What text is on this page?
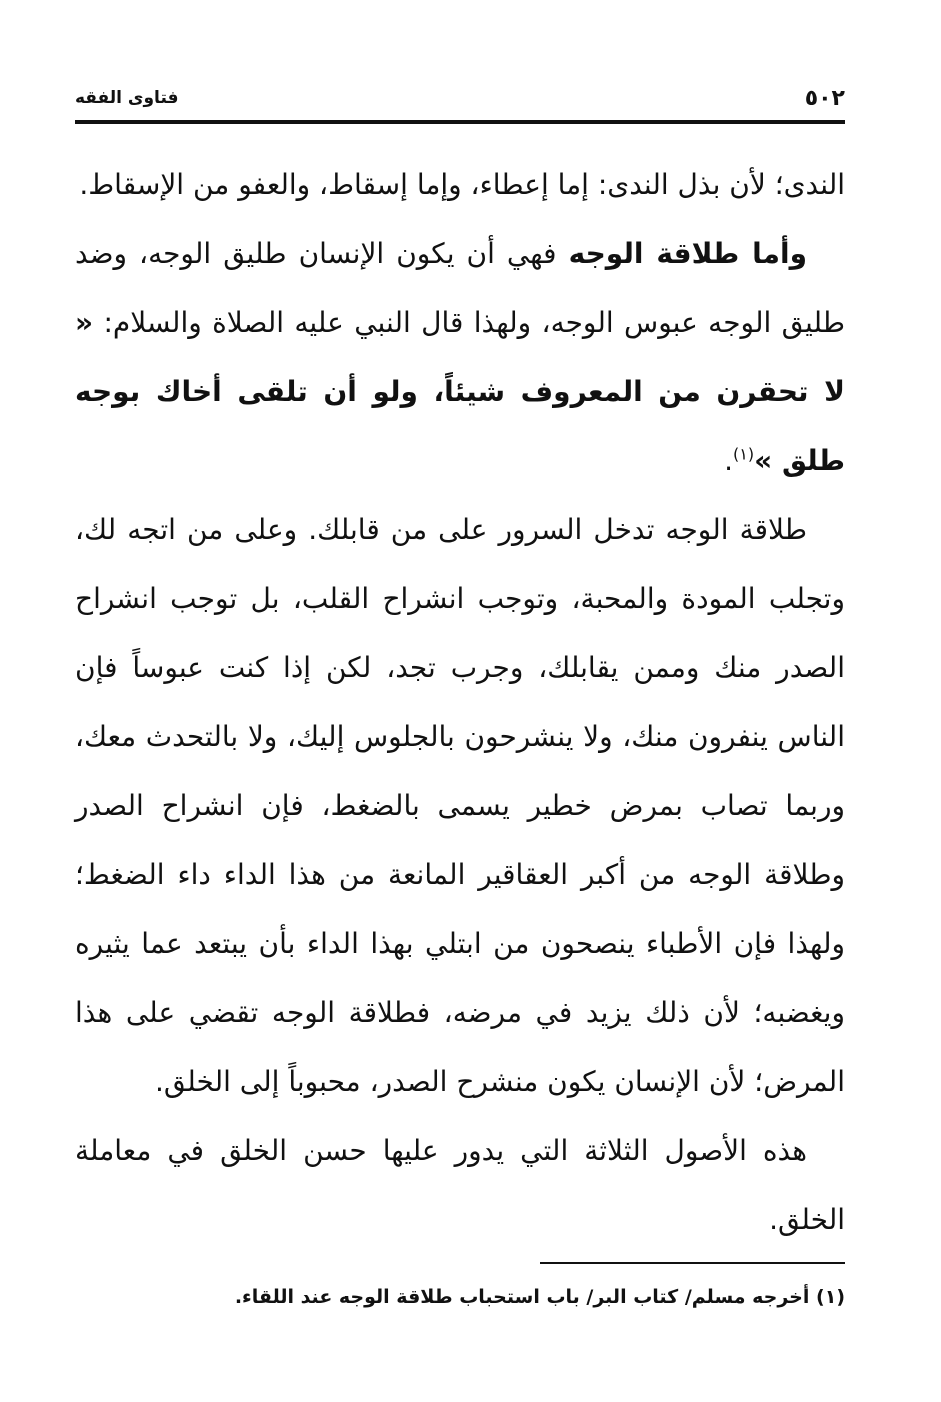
٥٠٢
فتاوى الفقه

الندى؛ لأن بذل الندى: إما إعطاء، وإما إسقاط، والعفو من الإسقاط.

وأما طلاقة الوجه فهي أن يكون الإنسان طليق الوجه، وضد طليق الوجه عبوس الوجه، ولهذا قال النبي عليه الصلاة والسلام: « لا تحقرن من المعروف شيئاً، ولو أن تلقى أخاك بوجه طلق »$^{(١)}$.

طلاقة الوجه تدخل السرور على من قابلك. وعلى من اتجه لك، وتجلب المودة والمحبة، وتوجب انشراح القلب، بل توجب انشراح الصدر منك وممن يقابلك، وجرب تجد، لكن إذا كنت عبوساً فإن الناس ينفرون منك، ولا ينشرحون بالجلوس إليك، ولا بالتحدث معك، وربما تصاب بمرض خطير يسمى بالضغط، فإن انشراح الصدر وطلاقة الوجه من أكبر العقاقير المانعة من هذا الداء داء الضغط؛ ولهذا فإن الأطباء ينصحون من ابتلي بهذا الداء بأن يبتعد عما يثيره ويغضبه؛ لأن ذلك يزيد في مرضه، فطلاقة الوجه تقضي على هذا المرض؛ لأن الإنسان يكون منشرح الصدر، محبوباً إلى الخلق.

هذه الأصول الثلاثة التي يدور عليها حسن الخلق في معاملة الخلق.

(١) أخرجه مسلم/ كتاب البر/ باب استحباب طلاقة الوجه عند اللقاء.
